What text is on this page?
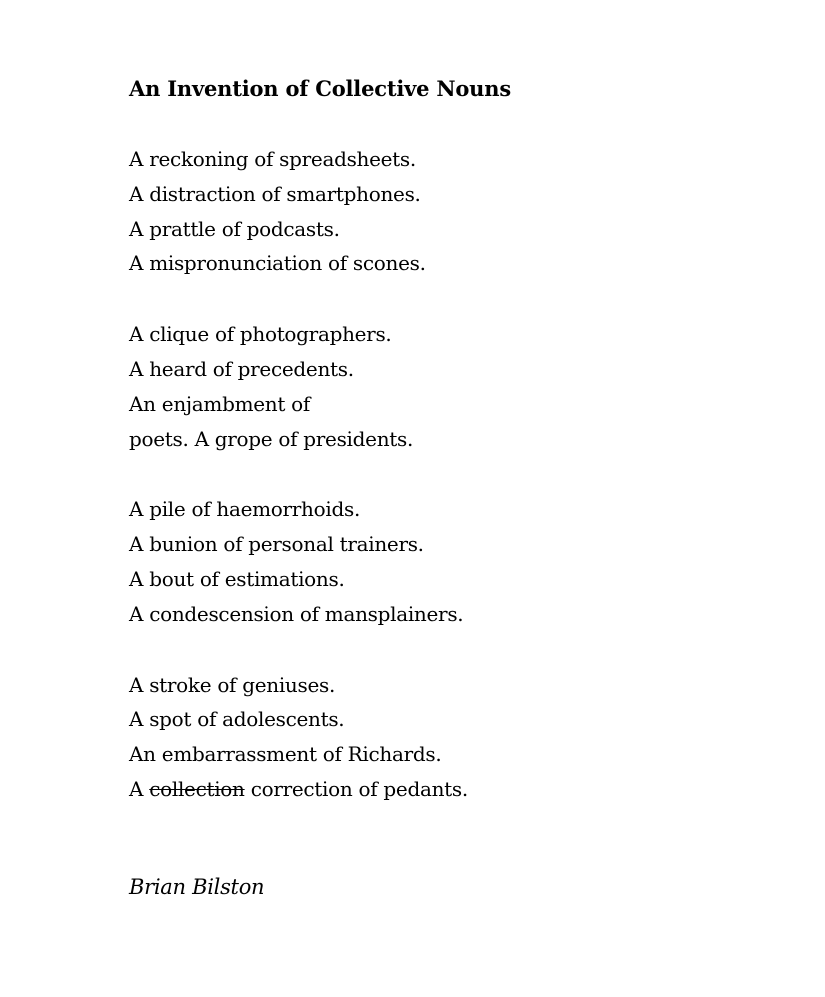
An Invention of Collective Nouns
A reckoning of spreadsheets.
A distraction of smartphones.
A prattle of podcasts.
A mispronunciation of scones.
A clique of photographers.
A heard of precedents.
An enjambment of
poets. A grope of presidents.
A pile of haemorrhoids.
A bunion of personal trainers.
A bout of estimations.
A condescension of mansplainers.
A stroke of geniuses.
A spot of adolescents.
An embarrassment of Richards.
A collection correction of pedants.
Brian Bilston
